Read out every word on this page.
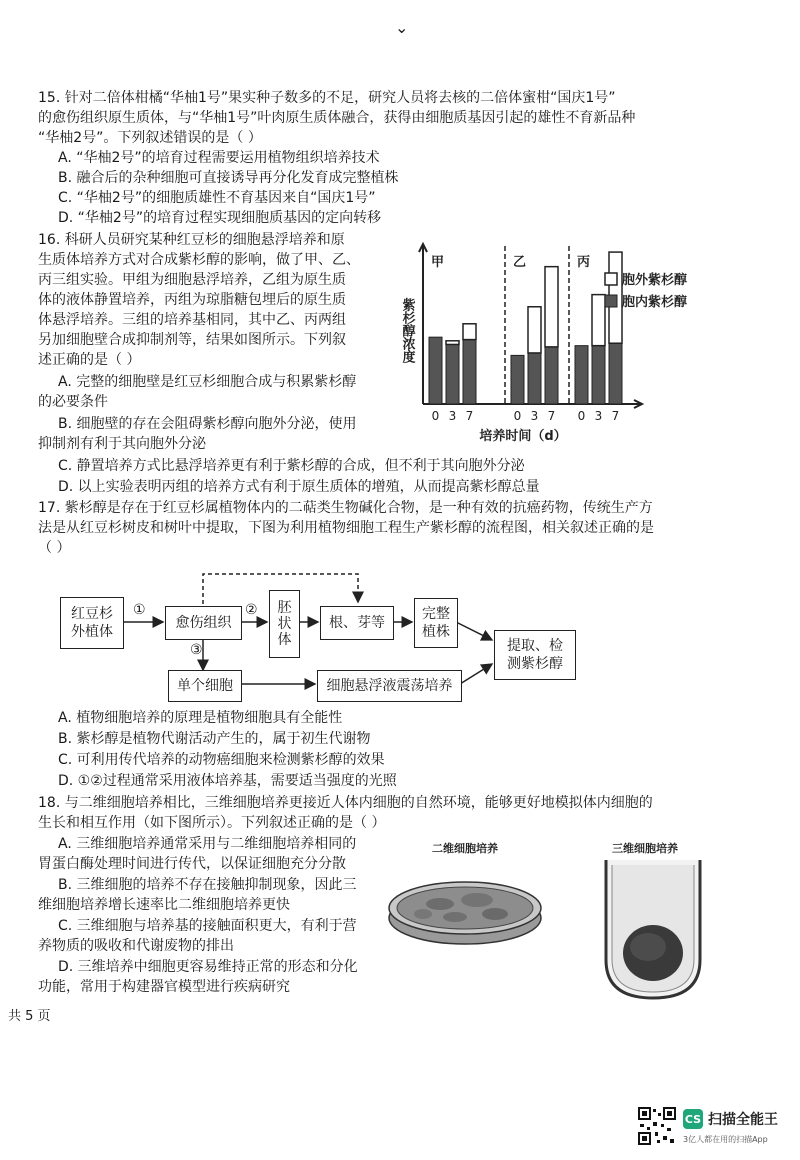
⌄
15. 针对二倍体柑橘“华柚1号”果实种子数多的不足，研究人员将去核的二倍体蜜柑“国庆1号”
的愈伤组织原生质体，与“华柚1号”叶肉原生质体融合，获得由细胞质基因引起的雄性不育新品种
“华柚2号”。下列叙述错误的是（ ）
A. “华柚2号”的培育过程需要运用植物组织培养技术
B. 融合后的杂种细胞可直接诱导再分化发育成完整植株
C. “华柚2号”的细胞质雄性不育基因来自“国庆1号”
D. “华柚2号”的培育过程实现细胞质基因的定向转移
16. 科研人员研究某种红豆杉的细胞悬浮培养和原
生质体培养方式对合成紫杉醇的影响，做了甲、乙、
丙三组实验。甲组为细胞悬浮培养，乙组为原生质
体的液体静置培养，丙组为琼脂糖包埋后的原生质
体悬浮培养。三组的培养基相同，其中乙、丙两组
另加细胞壁合成抑制剂等，结果如图所示。下列叙
述正确的是（ ）
A. 完整的细胞壁是红豆杉细胞合成与积累紫杉醇
的必要条件
B. 细胞壁的存在会阻碍紫杉醇向胞外分泌，使用
抑制剂有利于其向胞外分泌
C. 静置培养方式比悬浮培养更有利于紫杉醇的合成，但不利于其向胞外分泌
D. 以上实验表明丙组的培养方式有利于原生质体的增殖，从而提高紫杉醇总量
紫杉醇浓度
甲	乙	丙
0 3 7	0 3 7 0 3 7
培养时间（d）
胞外紫杉醇
胞内紫杉醇
17. 紫杉醇是存在于红豆杉属植物体内的二萜类生物碱化合物，是一种有效的抗癌药物，传统生产方
法是从红豆杉树皮和树叶中提取，下图为利用植物细胞工程生产紫杉醇的流程图，相关叙述正确的是
（ ）
红豆杉外植体
①
愈伤组织
②
③
胚状体
根、芽等
完整植株
提取、检测紫杉醇
单个细胞	细胞悬浮液震荡培养
A. 植物细胞培养的原理是植物细胞具有全能性
B. 紫杉醇是植物代谢活动产生的，属于初生代谢物
C. 可利用传代培养的动物癌细胞来检测紫杉醇的效果
D. ①②过程通常采用液体培养基，需要适当强度的光照
18. 与二维细胞培养相比，三维细胞培养更接近人体内细胞的自然环境，能够更好地模拟体内细胞的
生长和相互作用（如下图所示）。下列叙述正确的是（ ）
A. 三维细胞培养通常采用与二维细胞培养相同的
胃蛋白酶处理时间进行传代，以保证细胞充分分散
B. 三维细胞的培养不存在接触抑制现象，因此三
维细胞培养增长速率比二维细胞培养更快
C. 三维细胞与培养基的接触面积更大，有利于营
养物质的吸收和代谢废物的排出
D. 三维培养中细胞更容易维持正常的形态和分化
功能，常用于构建器官模型进行疾病研究
二维细胞培养	三维细胞培养
共 5 页
CS 扫描全能王
3亿人都在用的扫描App
